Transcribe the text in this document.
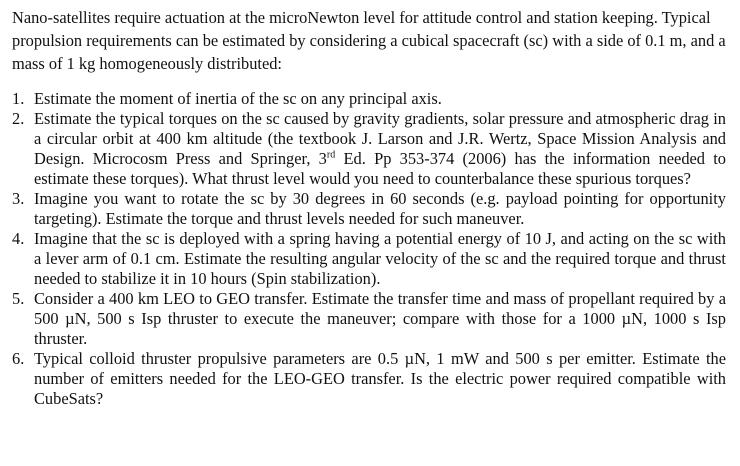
Nano-satellites require actuation at the microNewton level for attitude control and station keeping. Typical propulsion requirements can be estimated by considering a cubical spacecraft (sc) with a side of 0.1 m, and a mass of 1 kg homogeneously distributed:

1. Estimate the moment of inertia of the sc on any principal axis.
2. Estimate the typical torques on the sc caused by gravity gradients, solar pressure and atmospheric drag in a circular orbit at 400 km altitude (the textbook J. Larson and J.R. Wertz, Space Mission Analysis and Design. Microcosm Press and Springer, 3rd Ed. Pp 353-374 (2006) has the information needed to estimate these torques). What thrust level would you need to counterbalance these spurious torques?
3. Imagine you want to rotate the sc by 30 degrees in 60 seconds (e.g. payload pointing for opportunity targeting). Estimate the torque and thrust levels needed for such maneuver.
4. Imagine that the sc is deployed with a spring having a potential energy of 10 J, and acting on the sc with a lever arm of 0.1 cm. Estimate the resulting angular velocity of the sc and the required torque and thrust needed to stabilize it in 10 hours (Spin stabilization).
5. Consider a 400 km LEO to GEO transfer. Estimate the transfer time and mass of propellant required by a 500 µN, 500 s Isp thruster to execute the maneuver; compare with those for a 1000 µN, 1000 s Isp thruster.
6. Typical colloid thruster propulsive parameters are 0.5 µN, 1 mW and 500 s per emitter. Estimate the number of emitters needed for the LEO-GEO transfer. Is the electric power required compatible with CubeSats?
